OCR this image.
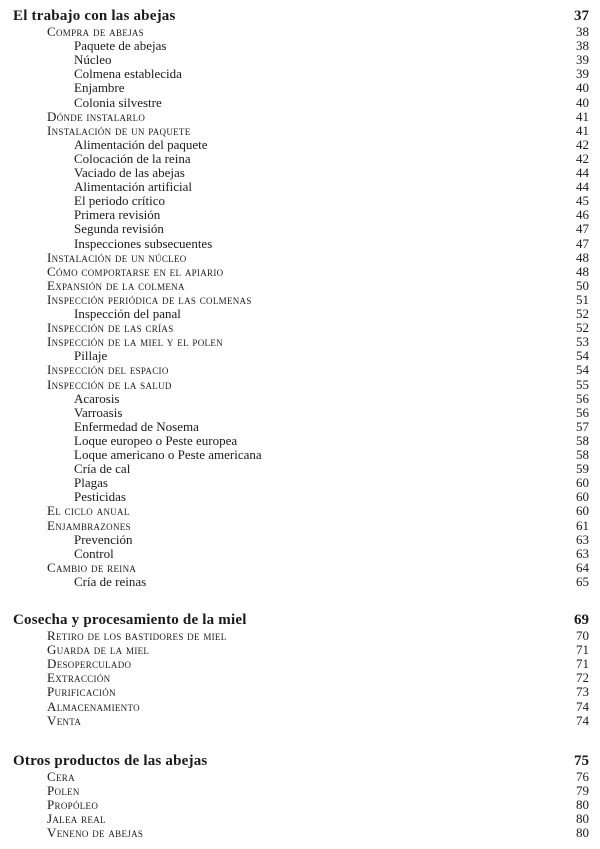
El trabajo con las abejas	37
Compra de abejas	38
Paquete de abejas	38
Núcleo	39
Colmena establecida	39
Enjambre	40
Colonia silvestre	40
Dónde instalarlo	41
Instalación de un paquete	41
Alimentación del paquete	42
Colocación de la reina	42
Vaciado de las abejas	44
Alimentación artificial	44
El periodo crítico	45
Primera revisión	46
Segunda revisión	47
Inspecciones subsecuentes	47
Instalación de un núcleo	48
Cómo comportarse en el apiario	48
Expansión de la colmena	50
Inspección periódica de las colmenas	51
Inspección del panal	52
Inspección de las crías	52
Inspección de la miel y el polen	53
Pillaje	54
Inspección del espacio	54
Inspección de la salud	55
Acarosis	56
Varroasis	56
Enfermedad de Nosema	57
Loque europeo o Peste europea	58
Loque americano o Peste americana	58
Cría de cal	59
Plagas	60
Pesticidas	60
El ciclo anual	60
Enjambrazones	61
Prevención	63
Control	63
Cambio de reina	64
Cría de reinas	65
Cosecha y procesamiento de la miel	69
Retiro de los bastidores de miel	70
Guarda de la miel	71
Desoperculado	71
Extracción	72
Purificación	73
Almacenamiento	74
Venta	74
Otros productos de las abejas	75
Cera	76
Polen	79
Propóleo	80
Jalea real	80
Veneno de abejas	80
